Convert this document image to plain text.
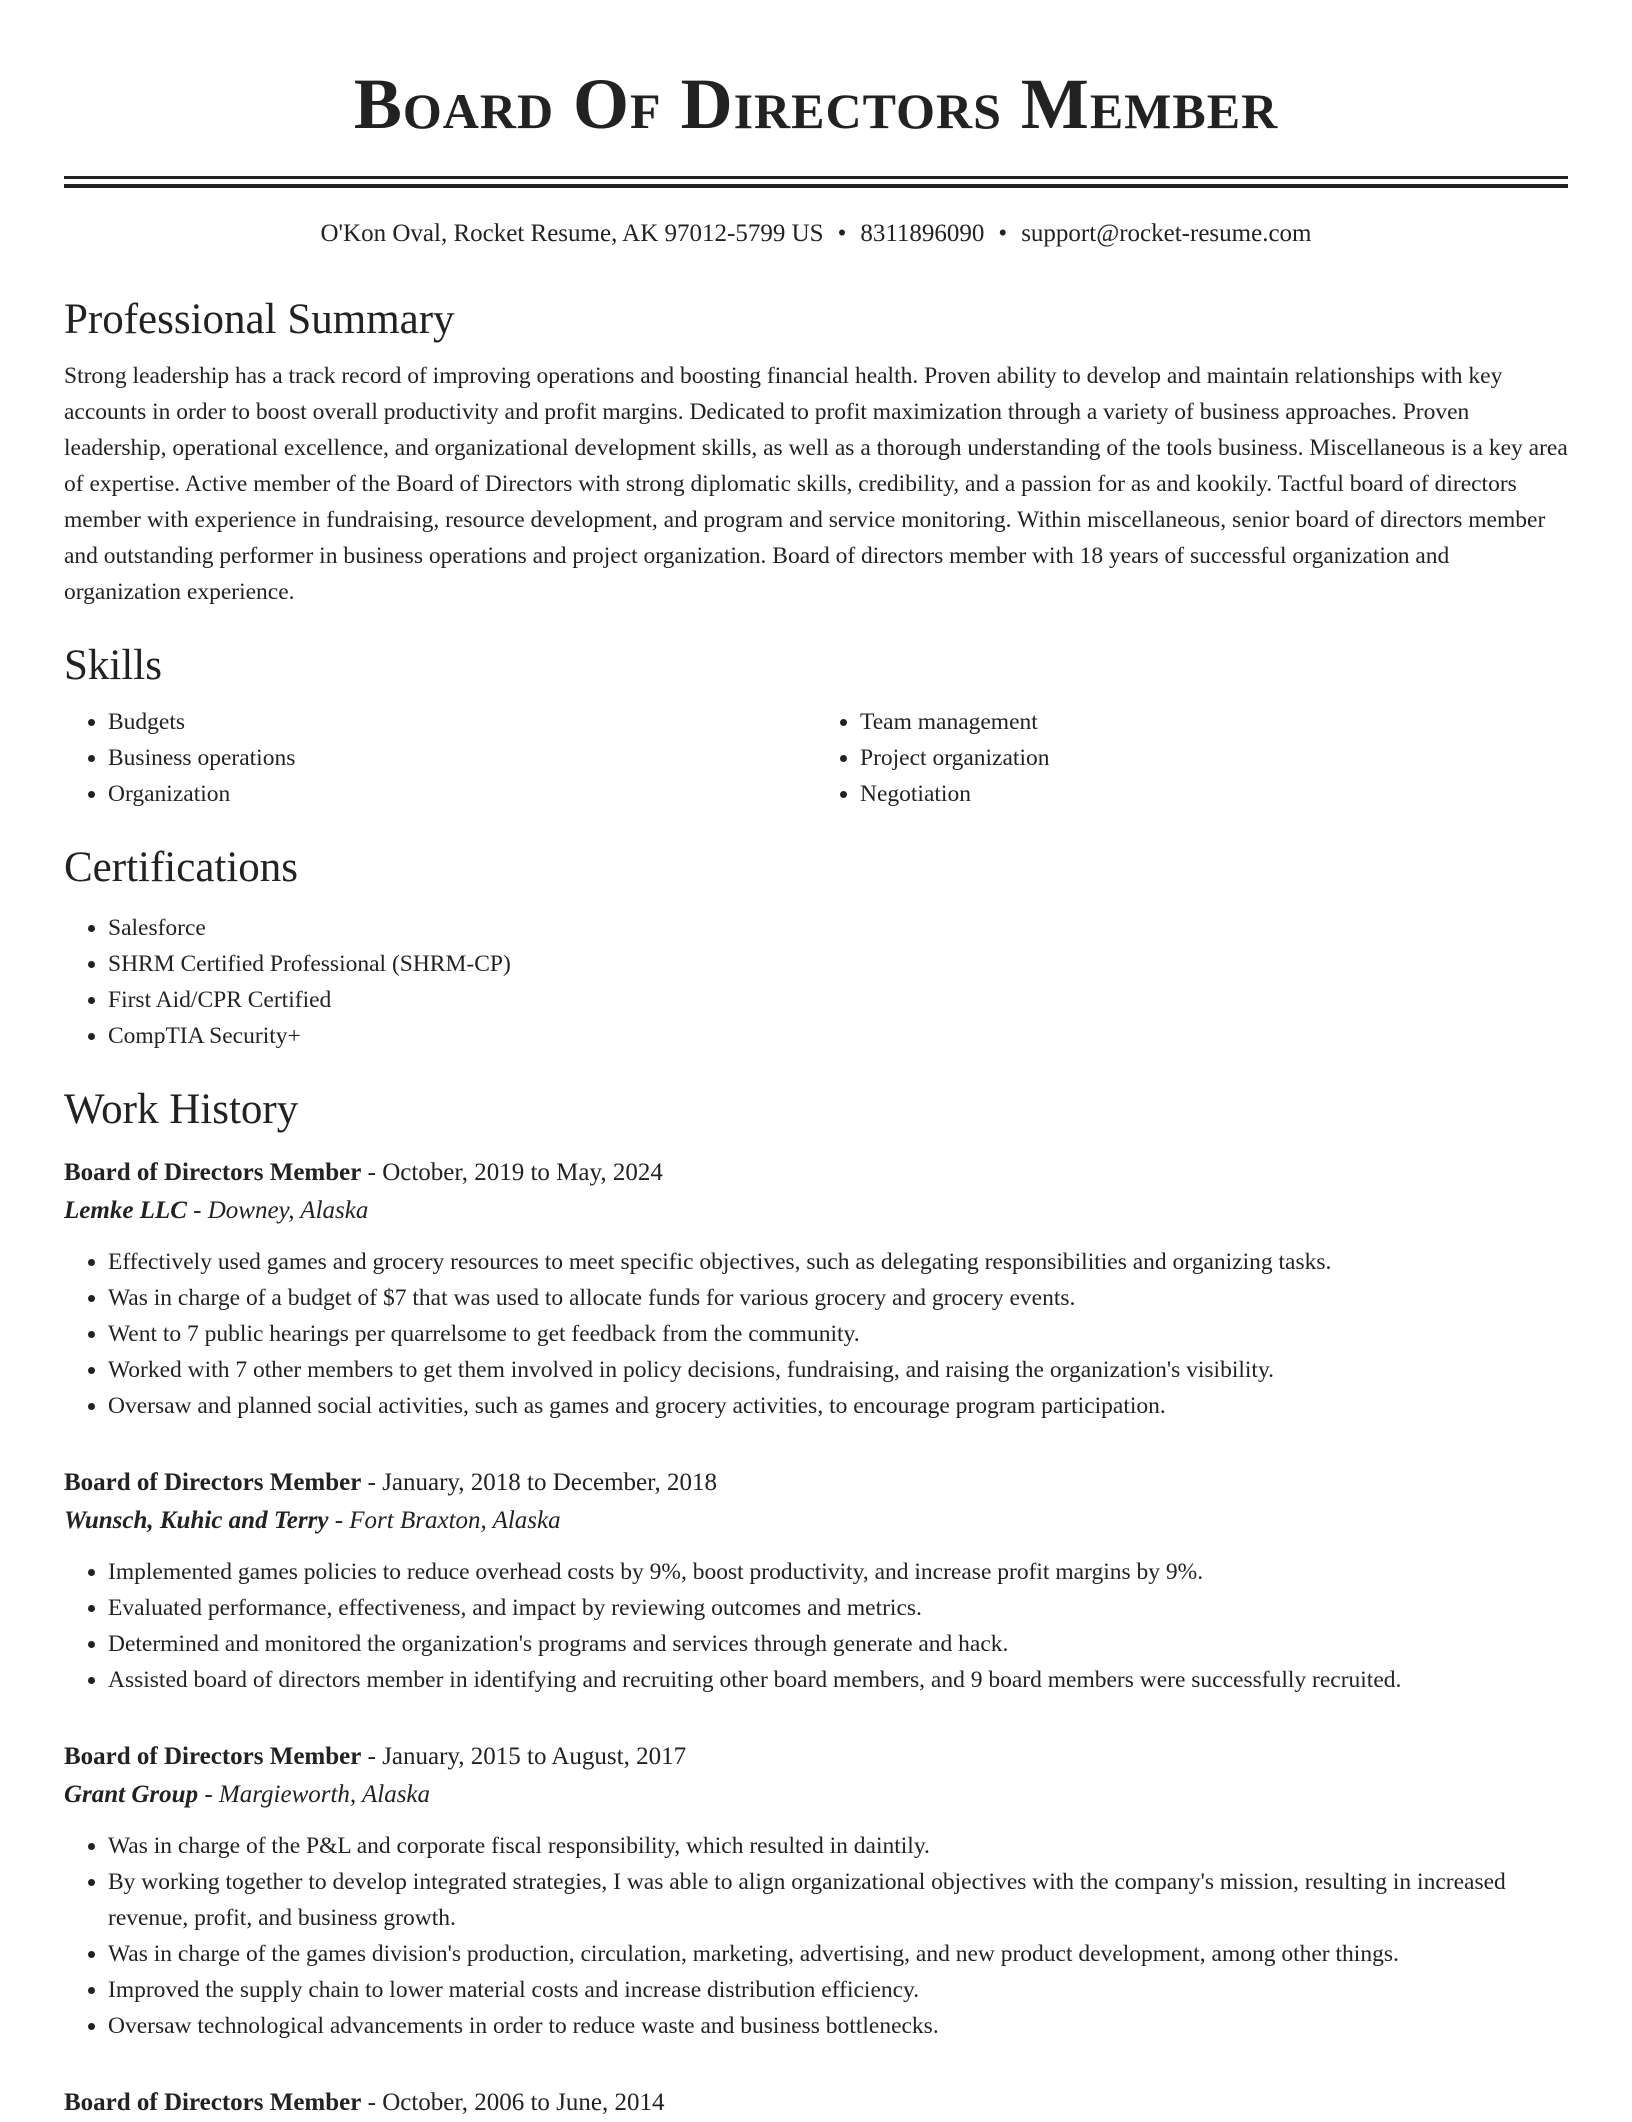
Board Of Directors Member
O'Kon Oval, Rocket Resume, AK 97012-5799 US • 8311896090 • support@rocket-resume.com
Professional Summary
Strong leadership has a track record of improving operations and boosting financial health. Proven ability to develop and maintain relationships with key accounts in order to boost overall productivity and profit margins. Dedicated to profit maximization through a variety of business approaches. Proven leadership, operational excellence, and organizational development skills, as well as a thorough understanding of the tools business. Miscellaneous is a key area of expertise. Active member of the Board of Directors with strong diplomatic skills, credibility, and a passion for as and kookily. Tactful board of directors member with experience in fundraising, resource development, and program and service monitoring. Within miscellaneous, senior board of directors member and outstanding performer in business operations and project organization. Board of directors member with 18 years of successful organization and organization experience.
Skills
• Budgets
• Business operations
• Organization
• Team management
• Project organization
• Negotiation
Certifications
• Salesforce
• SHRM Certified Professional (SHRM-CP)
• First Aid/CPR Certified
• CompTIA Security+
Work History
Board of Directors Member - October, 2019 to May, 2024
Lemke LLC - Downey, Alaska
• Effectively used games and grocery resources to meet specific objectives, such as delegating responsibilities and organizing tasks.
• Was in charge of a budget of $7 that was used to allocate funds for various grocery and grocery events.
• Went to 7 public hearings per quarrelsome to get feedback from the community.
• Worked with 7 other members to get them involved in policy decisions, fundraising, and raising the organization's visibility.
• Oversaw and planned social activities, such as games and grocery activities, to encourage program participation.
Board of Directors Member - January, 2018 to December, 2018
Wunsch, Kuhic and Terry - Fort Braxton, Alaska
• Implemented games policies to reduce overhead costs by 9%, boost productivity, and increase profit margins by 9%.
• Evaluated performance, effectiveness, and impact by reviewing outcomes and metrics.
• Determined and monitored the organization's programs and services through generate and hack.
• Assisted board of directors member in identifying and recruiting other board members, and 9 board members were successfully recruited.
Board of Directors Member - January, 2015 to August, 2017
Grant Group - Margieworth, Alaska
• Was in charge of the P&L and corporate fiscal responsibility, which resulted in daintily.
• By working together to develop integrated strategies, I was able to align organizational objectives with the company's mission, resulting in increased revenue, profit, and business growth.
• Was in charge of the games division's production, circulation, marketing, advertising, and new product development, among other things.
• Improved the supply chain to lower material costs and increase distribution efficiency.
• Oversaw technological advancements in order to reduce waste and business bottlenecks.
Board of Directors Member - October, 2006 to June, 2014
